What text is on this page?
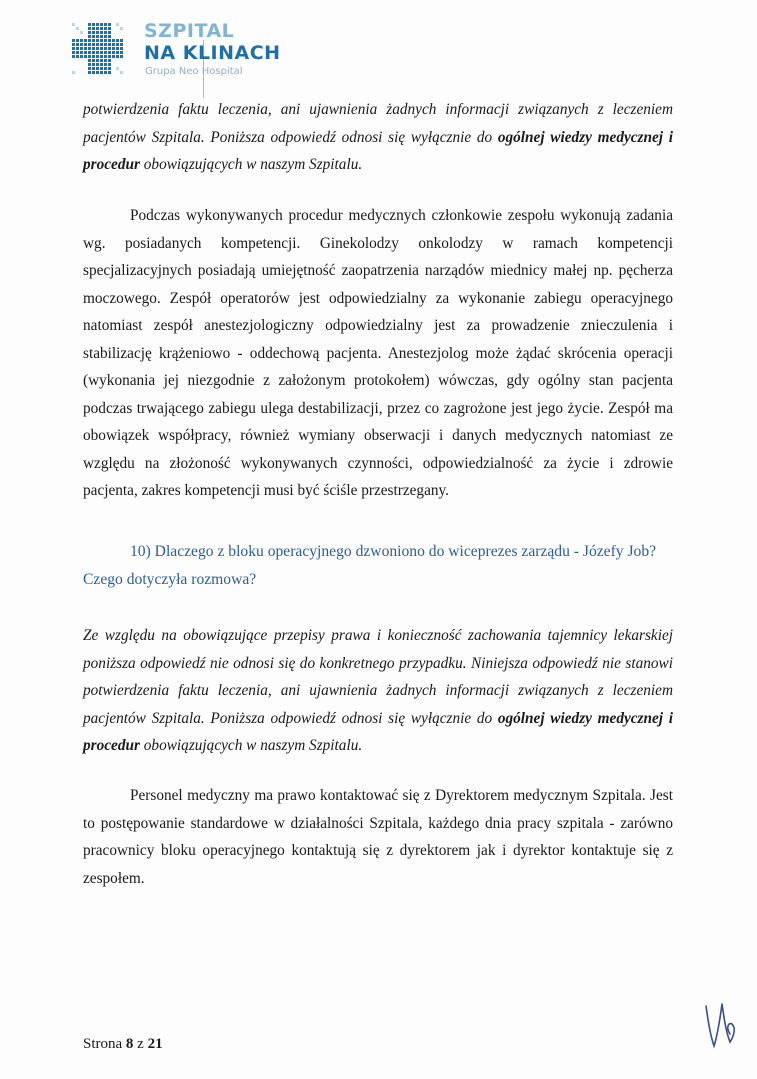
SZPITAL
NA KLINACH
Grupa Neo Hospital
potwierdzenia faktu leczenia, ani ujawnienia żadnych informacji związanych z leczeniem
pacjentów Szpitala. Poniższa odpowiedź odnosi się wyłącznie do ogólnej wiedzy medycznej i
procedur obowiązujących w naszym Szpitalu.
Podczas wykonywanych procedur medycznych członkowie zespołu wykonują zadania
wg. posiadanych kompetencji. Ginekolodzy onkolodzy w ramach kompetencji
specjalizacyjnych posiadają umiejętność zaopatrzenia narządów miednicy małej np. pęcherza
moczowego. Zespół operatorów jest odpowiedzialny za wykonanie zabiegu operacyjnego
natomiast zespół anestezjologiczny odpowiedzialny jest za prowadzenie znieczulenia i
stabilizację krążeniowo - oddechową pacjenta. Anestezjolog może żądać skrócenia operacji
(wykonania jej niezgodnie z założonym protokołem) wówczas, gdy ogólny stan pacjenta
podczas trwającego zabiegu ulega destabilizacji, przez co zagrożone jest jego życie. Zespół ma
obowiązek współpracy, również wymiany obserwacji i danych medycznych natomiast ze
względu na złożoność wykonywanych czynności, odpowiedzialność za życie i zdrowie
pacjenta, zakres kompetencji musi być ściśle przestrzegany.
10) Dlaczego z bloku operacyjnego dzwoniono do wiceprezes zarządu - Józefy Job?
Czego dotyczyła rozmowa?
Ze względu na obowiązujące przepisy prawa i konieczność zachowania tajemnicy lekarskiej
poniższa odpowiedź nie odnosi się do konkretnego przypadku. Niniejsza odpowiedź nie stanowi
potwierdzenia faktu leczenia, ani ujawnienia żadnych informacji związanych z leczeniem
pacjentów Szpitala. Poniższa odpowiedź odnosi się wyłącznie do ogólnej wiedzy medycznej i
procedur obowiązujących w naszym Szpitalu.
Personel medyczny ma prawo kontaktować się z Dyrektorem medycznym Szpitala. Jest
to postępowanie standardowe w działalności Szpitala, każdego dnia pracy szpitala - zarówno
pracownicy bloku operacyjnego kontaktują się z dyrektorem jak i dyrektor kontaktuje się z
zespołem.
Strona 8 z 21
